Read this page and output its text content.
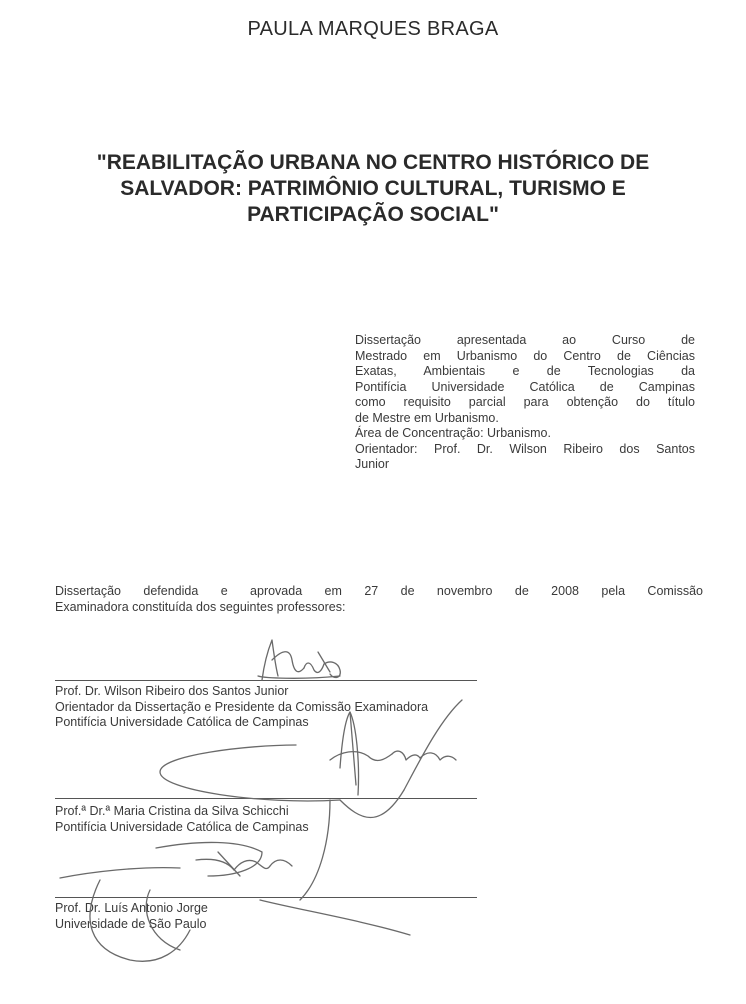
PAULA MARQUES BRAGA
"REABILITAÇÃO URBANA NO CENTRO HISTÓRICO DE
SALVADOR: PATRIMÔNIO CULTURAL, TURISMO E
PARTICIPAÇÃO SOCIAL"
Dissertação apresentada ao Curso de
Mestrado em Urbanismo do Centro de Ciências
Exatas, Ambientais e de Tecnologias da
Pontifícia Universidade Católica de Campinas
como requisito parcial para obtenção do título
de Mestre em Urbanismo.
Área de Concentração: Urbanismo.
Orientador: Prof. Dr. Wilson Ribeiro dos Santos
Junior
Dissertação defendida e aprovada em 27 de novembro de 2008 pela Comissão
Examinadora constituída dos seguintes professores:
Prof. Dr. Wilson Ribeiro dos Santos Junior
Orientador da Dissertação e Presidente da Comissão Examinadora
Pontifícia Universidade Católica de Campinas
Prof.ª Dr.ª Maria Cristina da Silva Schicchi
Pontifícia Universidade Católica de Campinas
Prof. Dr. Luís Antonio Jorge
Universidade de São Paulo
